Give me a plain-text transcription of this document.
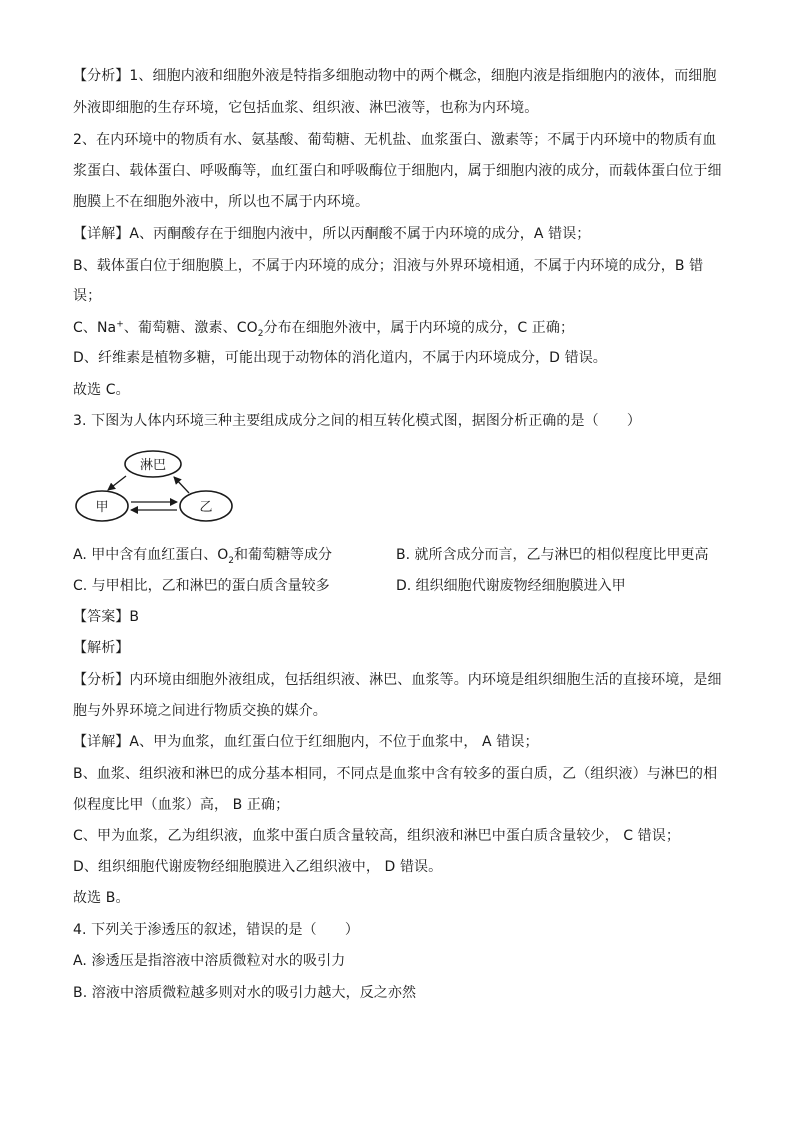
【分析】1、细胞内液和细胞外液是特指多细胞动物中的两个概念，细胞内液是指细胞内的液体，而细胞
外液即细胞的生存环境，它包括血浆、组织液、淋巴液等，也称为内环境。
2、在内环境中的物质有水、氨基酸、葡萄糖、无机盐、血浆蛋白、激素等；不属于内环境中的物质有血
浆蛋白、载体蛋白、呼吸酶等，血红蛋白和呼吸酶位于细胞内，属于细胞内液的成分，而载体蛋白位于细
胞膜上不在细胞外液中，所以也不属于内环境。
【详解】A、丙酮酸存在于细胞内液中，所以丙酮酸不属于内环境的成分，A 错误；
B、载体蛋白位于细胞膜上，不属于内环境的成分；泪液与外界环境相通，不属于内环境的成分，B 错
误；
C、Na+、葡萄糖、激素、$CO_2$分布在细胞外液中，属于内环境的成分，C 正确；
D、纤维素是植物多糖，可能出现于动物体的消化道内，不属于内环境成分，D 错误。
故选 C。
3. 下图为人体内环境三种主要组成成分之间的相互转化模式图，据图分析正确的是（　　）
淋巴
甲	乙
A. 甲中含有血红蛋白、$O_2$和葡萄糖等成分	B. 就所含成分而言，乙与淋巴的相似程度比甲更高
C. 与甲相比，乙和淋巴的蛋白质含量较多	D. 组织细胞代谢废物经细胞膜进入甲
【答案】B
【解析】
【分析】内环境由细胞外液组成，包括组织液、淋巴、血浆等。内环境是组织细胞生活的直接环境，是细
胞与外界环境之间进行物质交换的媒介。
【详解】A、甲为血浆，血红蛋白位于红细胞内，不位于血浆中， A 错误；
B、血浆、组织液和淋巴的成分基本相同，不同点是血浆中含有较多的蛋白质，乙（组织液）与淋巴的相
似程度比甲（血浆）高， B 正确；
C、甲为血浆，乙为组织液，血浆中蛋白质含量较高，组织液和淋巴中蛋白质含量较少， C 错误；
D、组织细胞代谢废物经细胞膜进入乙组织液中， D 错误。
故选 B。
4. 下列关于渗透压的叙述，错误的是（　　）
A. 渗透压是指溶液中溶质微粒对水的吸引力
B. 溶液中溶质微粒越多则对水的吸引力越大，反之亦然
